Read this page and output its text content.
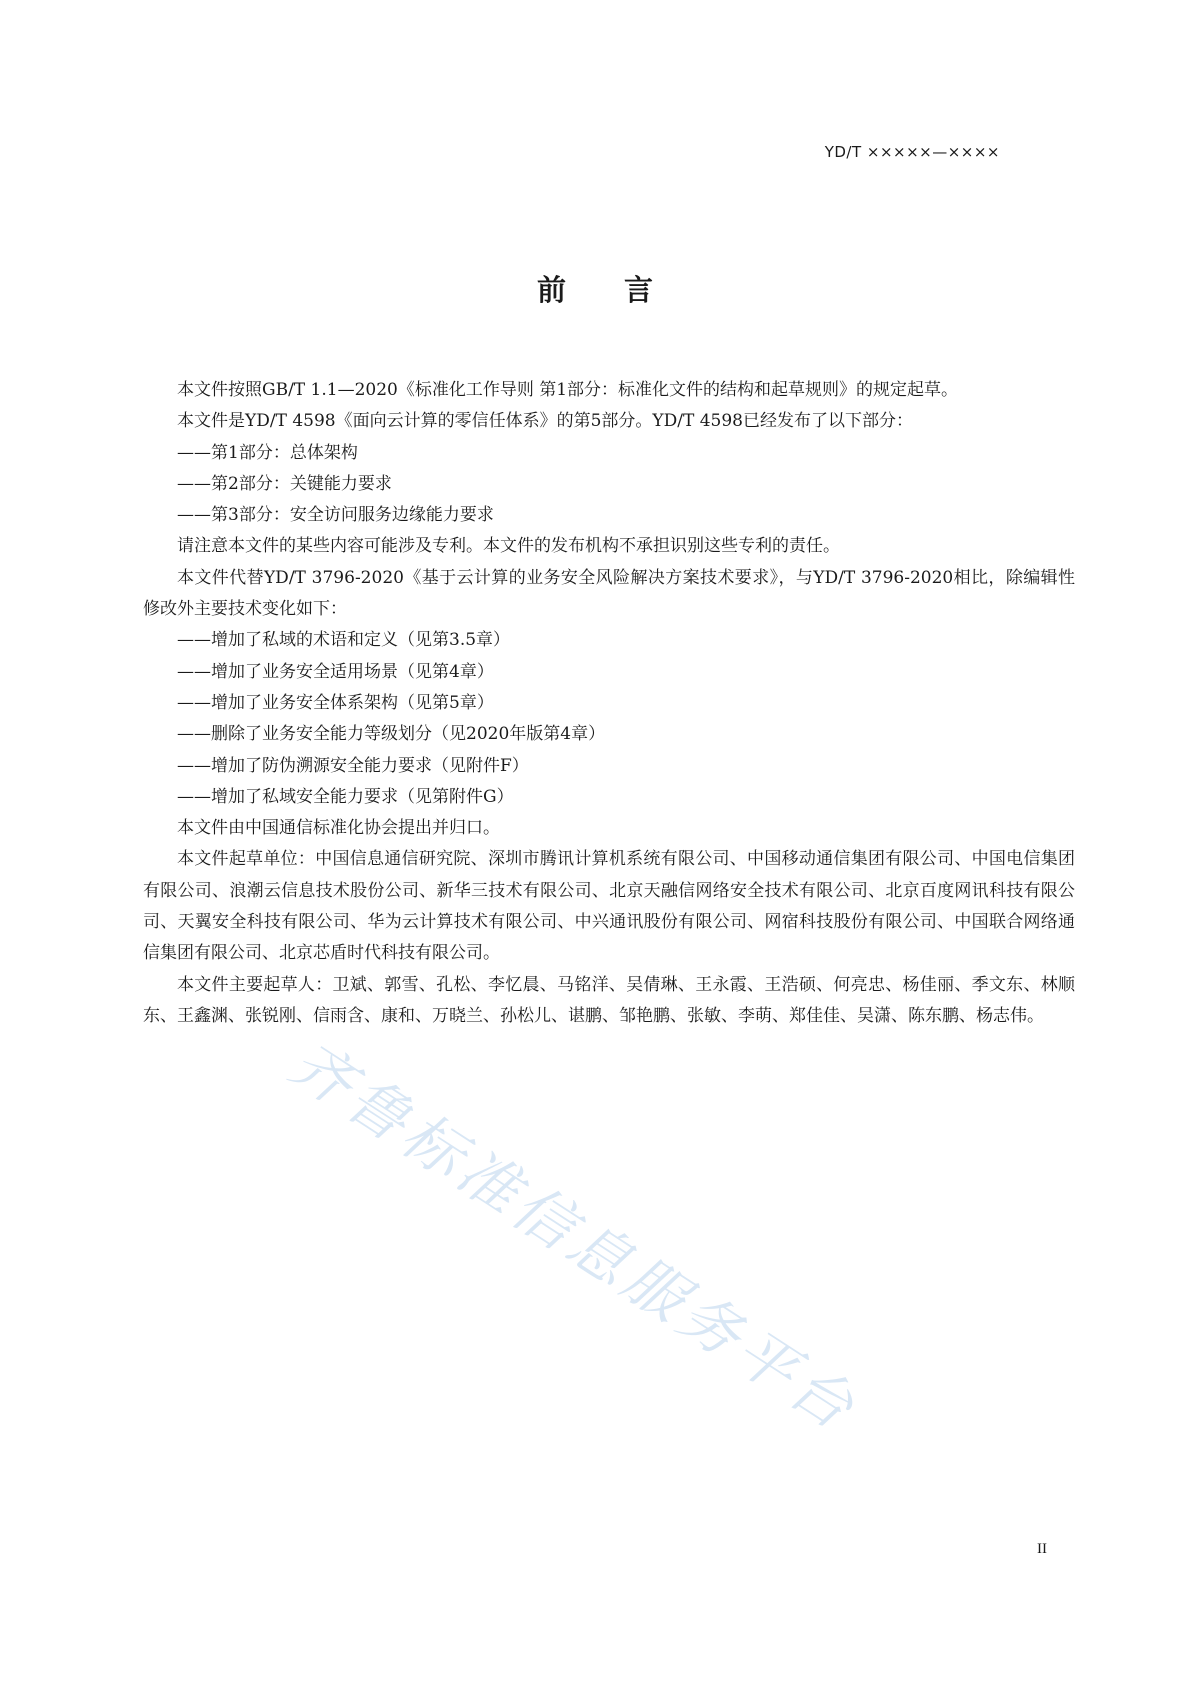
YD/T ×××××—××××
前言

本文件按照GB/T 1.1—2020《标准化工作导则 第1部分：标准化文件的结构和起草规则》的规定起草。

本文件是YD/T 4598《面向云计算的零信任体系》的第5部分。YD/T 4598已经发布了以下部分：

——第1部分：总体架构

——第2部分：关键能力要求

——第3部分：安全访问服务边缘能力要求

请注意本文件的某些内容可能涉及专利。本文件的发布机构不承担识别这些专利的责任。

本文件代替YD/T 3796-2020《基于云计算的业务安全风险解决方案技术要求》，与YD/T 3796-2020相比，除编辑性修改外主要技术变化如下：

——增加了私域的术语和定义（见第3.5章）

——增加了业务安全适用场景（见第4章）

——增加了业务安全体系架构（见第5章）

——删除了业务安全能力等级划分（见2020年版第4章）

——增加了防伪溯源安全能力要求（见附件F）

——增加了私域安全能力要求（见第附件G）

本文件由中国通信标准化协会提出并归口。

本文件起草单位：中国信息通信研究院、深圳市腾讯计算机系统有限公司、中国移动通信集团有限公司、中国电信集团有限公司、浪潮云信息技术股份公司、新华三技术有限公司、北京天融信网络安全技术有限公司、北京百度网讯科技有限公司、天翼安全科技有限公司、华为云计算技术有限公司、中兴通讯股份有限公司、网宿科技股份有限公司、中国联合网络通信集团有限公司、北京芯盾时代科技有限公司。

本文件主要起草人：卫斌、郭雪、孔松、李忆晨、马铭洋、吴倩琳、王永霞、王浩硕、何亮忠、杨佳丽、季文东、林顺东、王鑫渊、张锐刚、信雨含、康和、万晓兰、孙松儿、谌鹏、邹艳鹏、张敏、李萌、郑佳佳、吴潇、陈东鹏、杨志伟。

齐鲁标准信息服务平台
II
